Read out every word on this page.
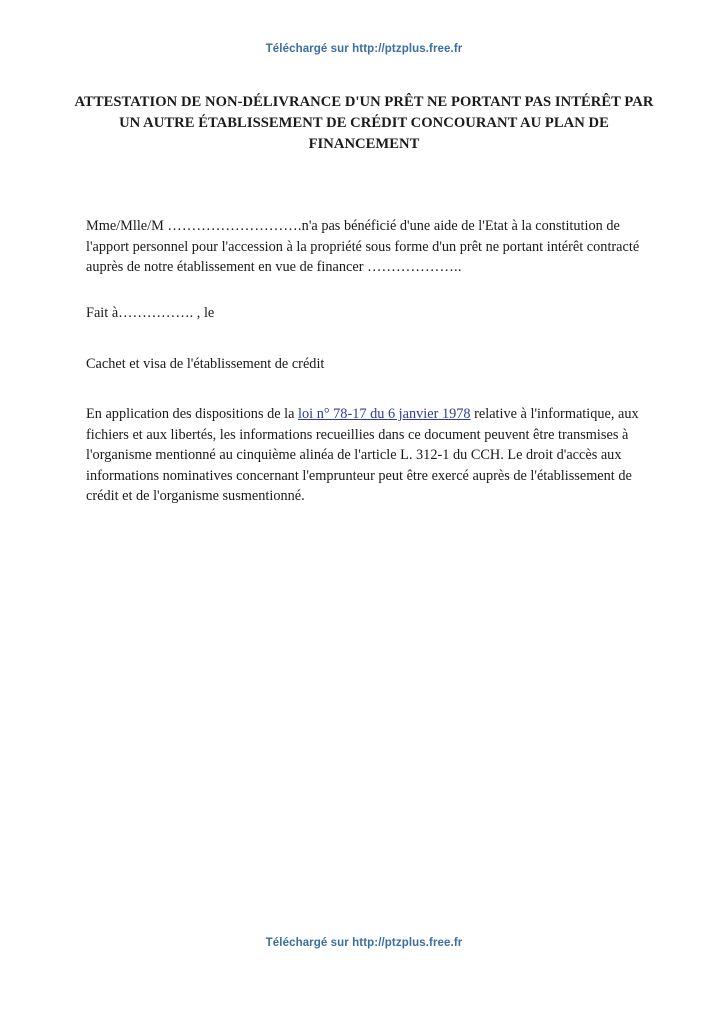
Téléchargé sur http://ptzplus.free.fr
ATTESTATION DE NON-DÉLIVRANCE D'UN PRÊT NE PORTANT PAS INTÉRÊT PAR UN AUTRE ÉTABLISSEMENT DE CRÉDIT CONCOURANT AU PLAN DE FINANCEMENT

Mme/Mlle/M ……………………….n'a pas bénéficié d'une aide de l'Etat à la constitution de l'apport personnel pour l'accession à la propriété sous forme d'un prêt ne portant intérêt contracté auprès de notre établissement en vue de financer ………………..

Fait à……………. , le

Cachet et visa de l'établissement de crédit

En application des dispositions de la loi n° 78-17 du 6 janvier 1978 relative à l'informatique, aux fichiers et aux libertés, les informations recueillies dans ce document peuvent être transmises à l'organisme mentionné au cinquième alinéa de l'article L. 312-1 du CCH. Le droit d'accès aux informations nominatives concernant l'emprunteur peut être exercé auprès de l'établissement de crédit et de l'organisme susmentionné.

Téléchargé sur http://ptzplus.free.fr
